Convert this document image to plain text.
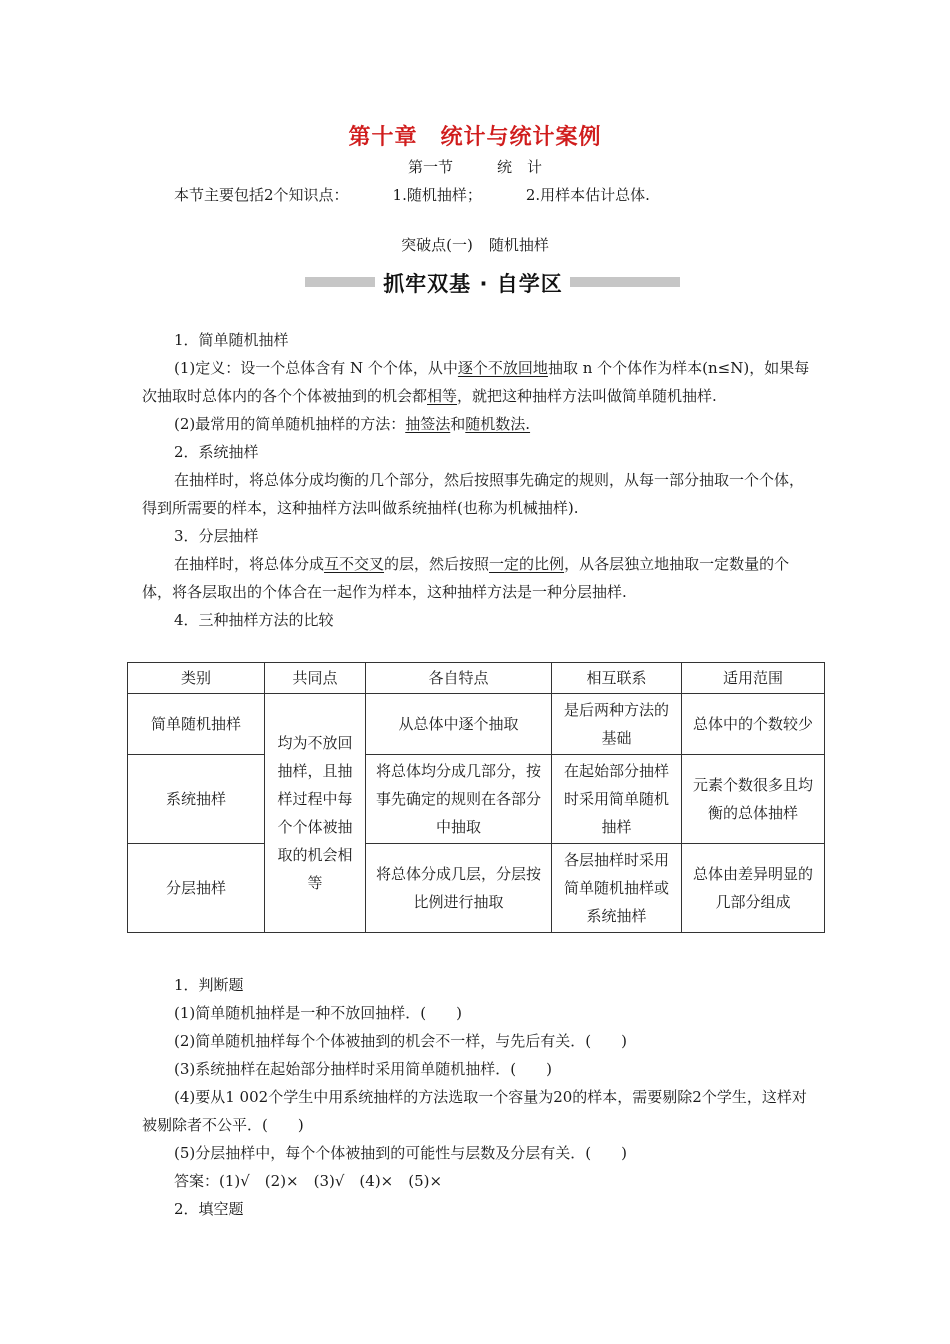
第十章　统计与统计案例
第一节	统　计
本节主要包括2个知识点：	1.随机抽样；	2.用样本估计总体.
突破点(一) 随机抽样
抓牢双基 · 自学区

1．简单随机抽样

(1)定义：设一个总体含有 N 个个体，从中逐个不放回地抽取 n 个个体作为样本(n≤N)，如果每次抽取时总体内的各个个体被抽到的机会都相等，就把这种抽样方法叫做简单随机抽样.

(2)最常用的简单随机抽样的方法：抽签法和随机数法.

2．系统抽样

在抽样时，将总体分成均衡的几个部分，然后按照事先确定的规则，从每一部分抽取一个个体，得到所需要的样本，这种抽样方法叫做系统抽样(也称为机械抽样).

3．分层抽样

在抽样时，将总体分成互不交叉的层，然后按照一定的比例，从各层独立地抽取一定数量的个体，将各层取出的个体合在一起作为样本，这种抽样方法是一种分层抽样.

4．三种抽样方法的比较

类别	共同点	各自特点	相互联系	适用范围
简单随机抽样	均为不放回抽样，且抽样过程中每个个体被抽取的机会相等	从总体中逐个抽取	是后两种方法的基础	总体中的个数较少
系统抽样		将总体均分成几部分，按事先确定的规则在各部分中抽取	在起始部分抽样时采用简单随机抽样	元素个数很多且均衡的总体抽样
分层抽样		将总体分成几层，分层按比例进行抽取	各层抽样时采用简单随机抽样或系统抽样	总体由差异明显的几部分组成

1．判断题

(1)简单随机抽样是一种不放回抽样．( )

(2)简单随机抽样每个个体被抽到的机会不一样，与先后有关．( )

(3)系统抽样在起始部分抽样时采用简单随机抽样．( )

(4)要从1 002个学生中用系统抽样的方法选取一个容量为20的样本，需要剔除2个学生，这样对被剔除者不公平．( )

(5)分层抽样中，每个个体被抽到的可能性与层数及分层有关．( )

答案：(1)√　(2)×　(3)√　(4)×　(5)×

2．填空题
